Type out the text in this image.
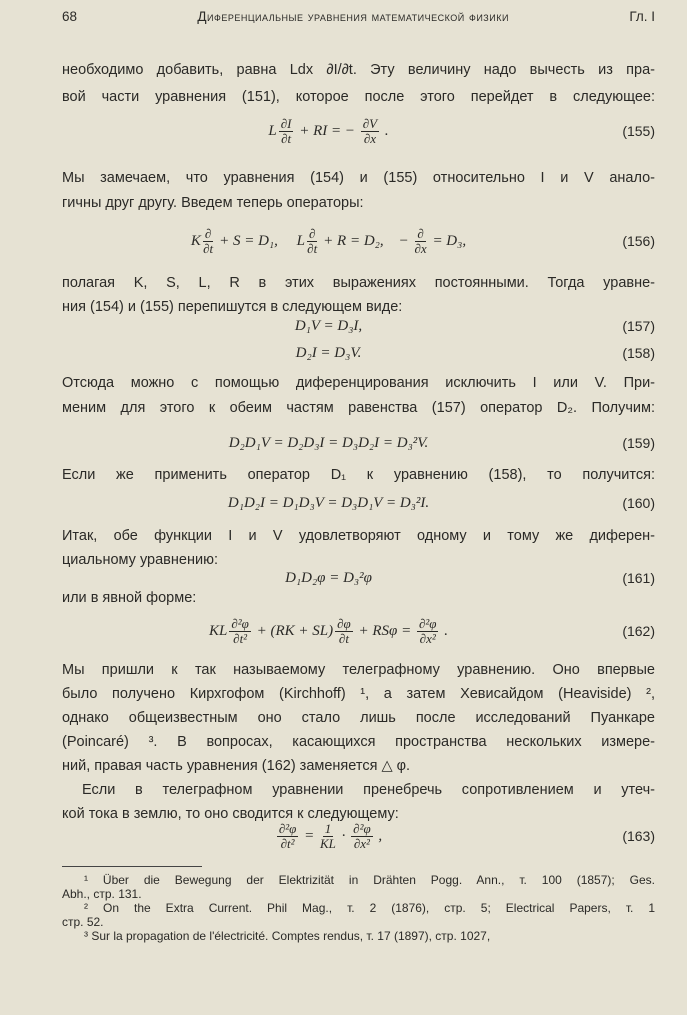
68	Диференциальные уравнения математической физики	Гл. I
необходимо добавить, равна Ldx ∂I/∂t. Эту величину надо вычесть из пра-
вой части уравнения (151), которое после этого перейдет в следующее:
L $\frac{\partial I}{\partial t}$ + RI = − $\frac{\partial V}{\partial x}$ .	(155)
Мы замечаем, что уравнения (154) и (155) относительно I и V анало-
гичны друг другу. Введем теперь операторы:
K ∂
∂t + S = D₁,     L ∂
∂t + R = D₂,    − ∂
∂x = D₃,	(156)
полагая K, S, L, R в этих выражениях постоянными. Тогда уравне-
ния (154) и (155) перепишутся в следующем виде:
D₁V = D₃I,	(157)
D₂I = D₃V.	(158)
Отсюда можно с помощью диференцирования исключить I или V. При-
меним для этого к обеим частям равенства (157) оператор D₂. Получим:
D₂D₁V = D₂D₃I = D₃D₂I = D₃²V.	(159)
Если же применить оператор D₁ к уравнению (158), то получится:
D₁D₂I = D₁D₃V = D₃D₁V = D₃²I.	(160)
Итак, обе функции I и V удовлетворяют одному и тому же диферен-
циальному уравнению:
D₁D₂φ = D₃²φ	(161)
или в явной форме:
KL $\frac{\text{∂²φ}}{\text{∂t²}} + (RK + SL) \frac{\partial\varphi}{\partial t} + RS\varphi = \frac{\text{∂²φ}}{\text{∂x²}}$ .	(162)
Мы пришли к так называемому телеграфному уравнению. Оно впервые
было получено Кирхгофом (Kirchhoff) ¹, а затем Хевисайдом (Heaviside) ²,
однако общеизвестным оно стало лишь после исследований Пуанкаре
(Poincaré) ³. В вопросах, касающихся пространства нескольких измере-
ний, правая часть уравнения (162) заменяется △ φ.
Если в телеграфном уравнении пренебречь сопротивлением и утеч-
кой тока в землю, то оно сводится к следующему:
$\frac{\text{∂²φ}}{\text{∂t²}} = \frac{1}{KL} \cdot \frac{\text{∂²φ}}{\text{∂x²}}$ ,	(163)
¹ Über die Bewegung der Elektrizität in Drähten Pogg. Ann., т. 100 (1857); Ges.
Abh., стр. 131.
² On the Extra Current. Phil Mag., т. 2 (1876), стр. 5; Electrical Papers, т. 1
стр. 52.
³ Sur la propagation de l'électricité. Comptes rendus, т. 17 (1897), стр. 1027,
